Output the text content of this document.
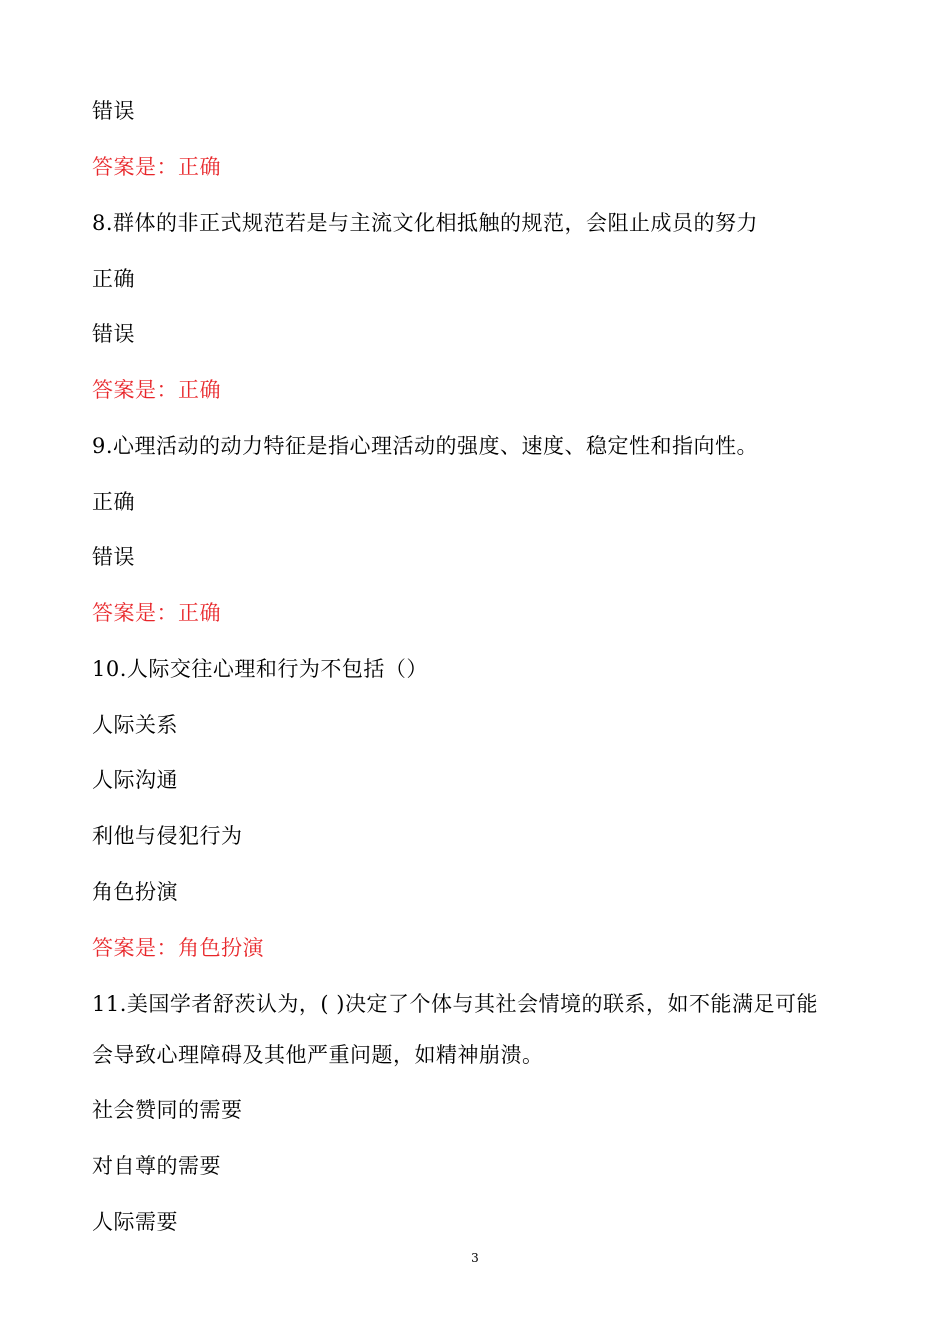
错误
答案是：正确
8.群体的非正式规范若是与主流文化相抵触的规范，会阻止成员的努力
正确
错误
答案是：正确
9.心理活动的动力特征是指心理活动的强度、速度、稳定性和指向性。
正确
错误
答案是：正确
10.人际交往心理和行为不包括（）
人际关系
人际沟通
利他与侵犯行为
角色扮演
答案是：角色扮演
11.美国学者舒茨认为，( )决定了个体与其社会情境的联系，如不能满足可能
会导致心理障碍及其他严重问题，如精神崩溃。
社会赞同的需要
对自尊的需要
人际需要
3
